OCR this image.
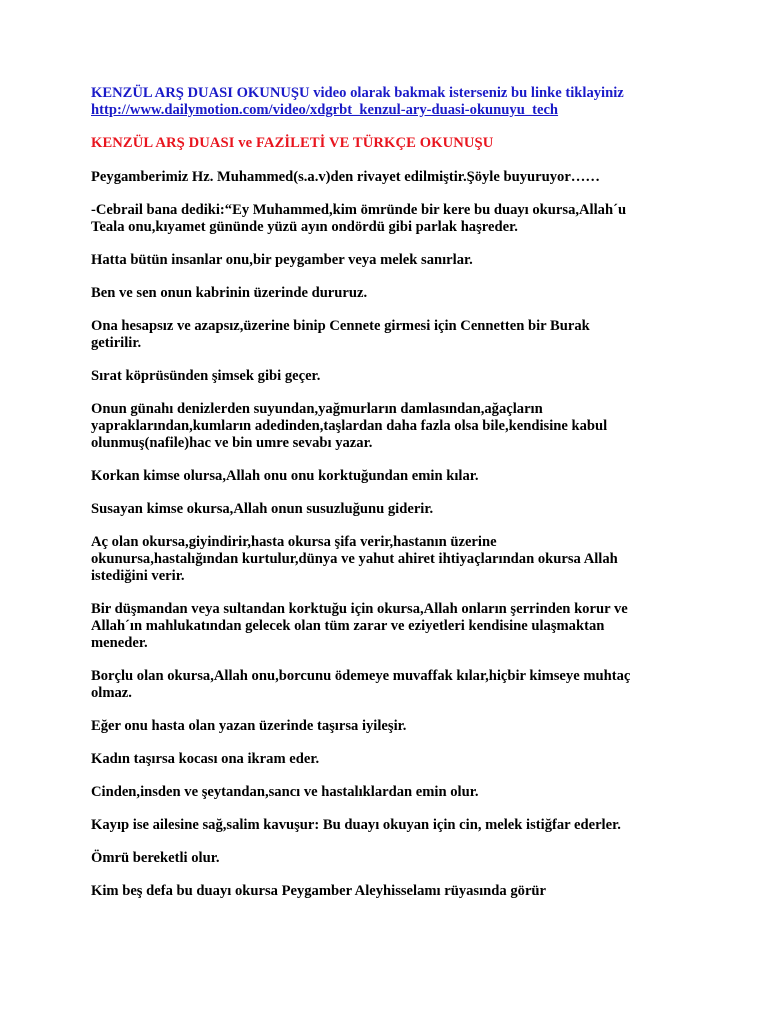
KENZÜL ARŞ DUASI OKUNUŞU video olarak bakmak isterseniz bu linke tiklayiniz
http://www.dailymotion.com/video/xdgrbt_kenzul-ary-duasi-okunuyu_tech
KENZÜL ARŞ DUASI ve FAZİLETİ VE TÜRKÇE OKUNUŞU
Peygamberimiz Hz. Muhammed(s.a.v)den rivayet edilmiştir.Şöyle buyuruyor……
-Cebrail bana dediki:“Ey Muhammed,kim ömründe bir kere bu duayı okursa,Allah´u
Teala onu,kıyamet gününde yüzü ayın ondördü gibi parlak haşreder.
Hatta bütün insanlar onu,bir peygamber veya melek sanırlar.
Ben ve sen onun kabrinin üzerinde dururuz.
Ona hesapsız ve azapsız,üzerine binip Cennete girmesi için Cennetten bir Burak
getirilir.
Sırat köprüsünden şimsek gibi geçer.
Onun günahı denizlerden suyundan,yağmurların damlasından,ağaçların
yapraklarından,kumların adedinden,taşlardan daha fazla olsa bile,kendisine kabul
olunmuş(nafile)hac ve bin umre sevabı yazar.
Korkan kimse olursa,Allah onu onu korktuğundan emin kılar.
Susayan kimse okursa,Allah onun susuzluğunu giderir.
Aç olan okursa,giyindirir,hasta okursa şifa verir,hastanın üzerine
okunursa,hastalığından kurtulur,dünya ve yahut ahiret ihtiyaçlarından okursa Allah
istediğini verir.
Bir düşmandan veya sultandan korktuğu için okursa,Allah onların şerrinden korur ve
Allah´ın mahlukatından gelecek olan tüm zarar ve eziyetleri kendisine ulaşmaktan
meneder.
Borçlu olan okursa,Allah onu,borcunu ödemeye muvaffak kılar,hiçbir kimseye muhtaç
olmaz.
Eğer onu hasta olan yazan üzerinde taşırsa iyileşir.
Kadın taşırsa kocası ona ikram eder.
Cinden,insden ve şeytandan,sancı ve hastalıklardan emin olur.
Kayıp ise ailesine sağ,salim kavuşur: Bu duayı okuyan için cin, melek istiğfar ederler.
Ömrü bereketli olur.
Kim beş defa bu duayı okursa Peygamber Aleyhisselamı rüyasında görür
